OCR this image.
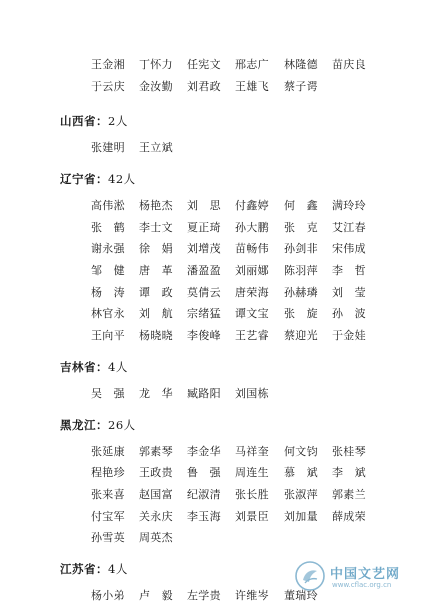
王金湘 丁怀力 任宪文 邢志广 林隆德 苗庆良
于云庆 金汝勤 刘君政 王雄飞 蔡子谔
山西省：2人
张建明 王立斌
辽宁省：42人
高伟淞 杨艳杰 刘　思 付鑫婷 何　鑫 满玲玲
张　鹤 李士文 夏正琦 孙大鹏 张　克 艾江春
谢永强 徐　娟 刘增茂 苗畅伟 孙剑非 宋伟成
邹　健 唐　革 潘盈盈 刘丽娜 陈羽萍 李　哲
杨　涛 谭　政 莫倩云 唐荣海 孙赫璘 刘　莹
林官永 刘　航 宗绪猛 谭文宝 张　旋 孙　波
王向平 杨晓晓 李俊峰 王艺睿 蔡迎光 于金娃
吉林省：4人
吴　强 龙　华 臧路阳 刘国栋
黑龙江：26人
张延康 郭素琴 李金华 马祥奎 何文钧 张桂琴
程艳珍 王政贵 鲁　强 周连生 慕　斌 李　斌
张来喜 赵国富 纪淑清 张长胜 张淑萍 郭素兰
付宝军 关永庆 李玉海 刘景臣 刘加量 薛成荣
孙雪英 周英杰
江苏省：4人
杨小弟 卢　毅 左学贵 许维岑 董瑞玲
中国文艺网
www.cflac.org.cn
